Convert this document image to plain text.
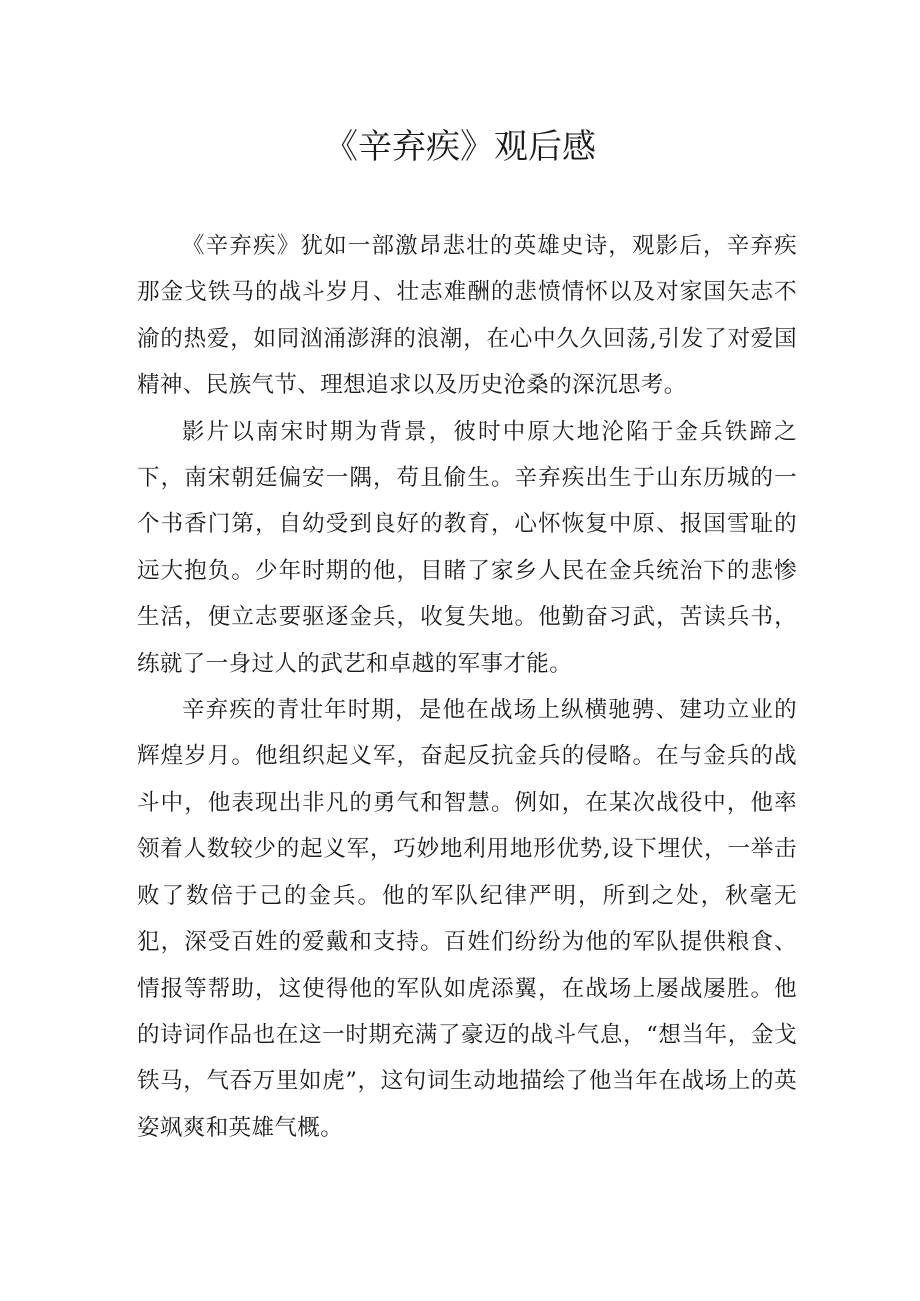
《辛弃疾》观后感

《辛弃疾》犹如一部激昂悲壮的英雄史诗，观影后，辛弃疾那金戈铁马的战斗岁月、壮志难酬的悲愤情怀以及对家国矢志不渝的热爱，如同汹涌澎湃的浪潮，在心中久久回荡,引发了对爱国精神、民族气节、理想追求以及历史沧桑的深沉思考。

影片以南宋时期为背景，彼时中原大地沦陷于金兵铁蹄之下，南宋朝廷偏安一隅，苟且偷生。辛弃疾出生于山东历城的一个书香门第，自幼受到良好的教育，心怀恢复中原、报国雪耻的远大抱负。少年时期的他，目睹了家乡人民在金兵统治下的悲惨生活，便立志要驱逐金兵，收复失地。他勤奋习武，苦读兵书，练就了一身过人的武艺和卓越的军事才能。

辛弃疾的青壮年时期，是他在战场上纵横驰骋、建功立业的辉煌岁月。他组织起义军，奋起反抗金兵的侵略。在与金兵的战斗中，他表现出非凡的勇气和智慧。例如，在某次战役中，他率领着人数较少的起义军，巧妙地利用地形优势,设下埋伏，一举击败了数倍于己的金兵。他的军队纪律严明，所到之处，秋毫无犯，深受百姓的爱戴和支持。百姓们纷纷为他的军队提供粮食、情报等帮助，这使得他的军队如虎添翼，在战场上屡战屡胜。他的诗词作品也在这一时期充满了豪迈的战斗气息，“想当年，金戈铁马，气吞万里如虎”，这句词生动地描绘了他当年在战场上的英姿飒爽和英雄气概。
